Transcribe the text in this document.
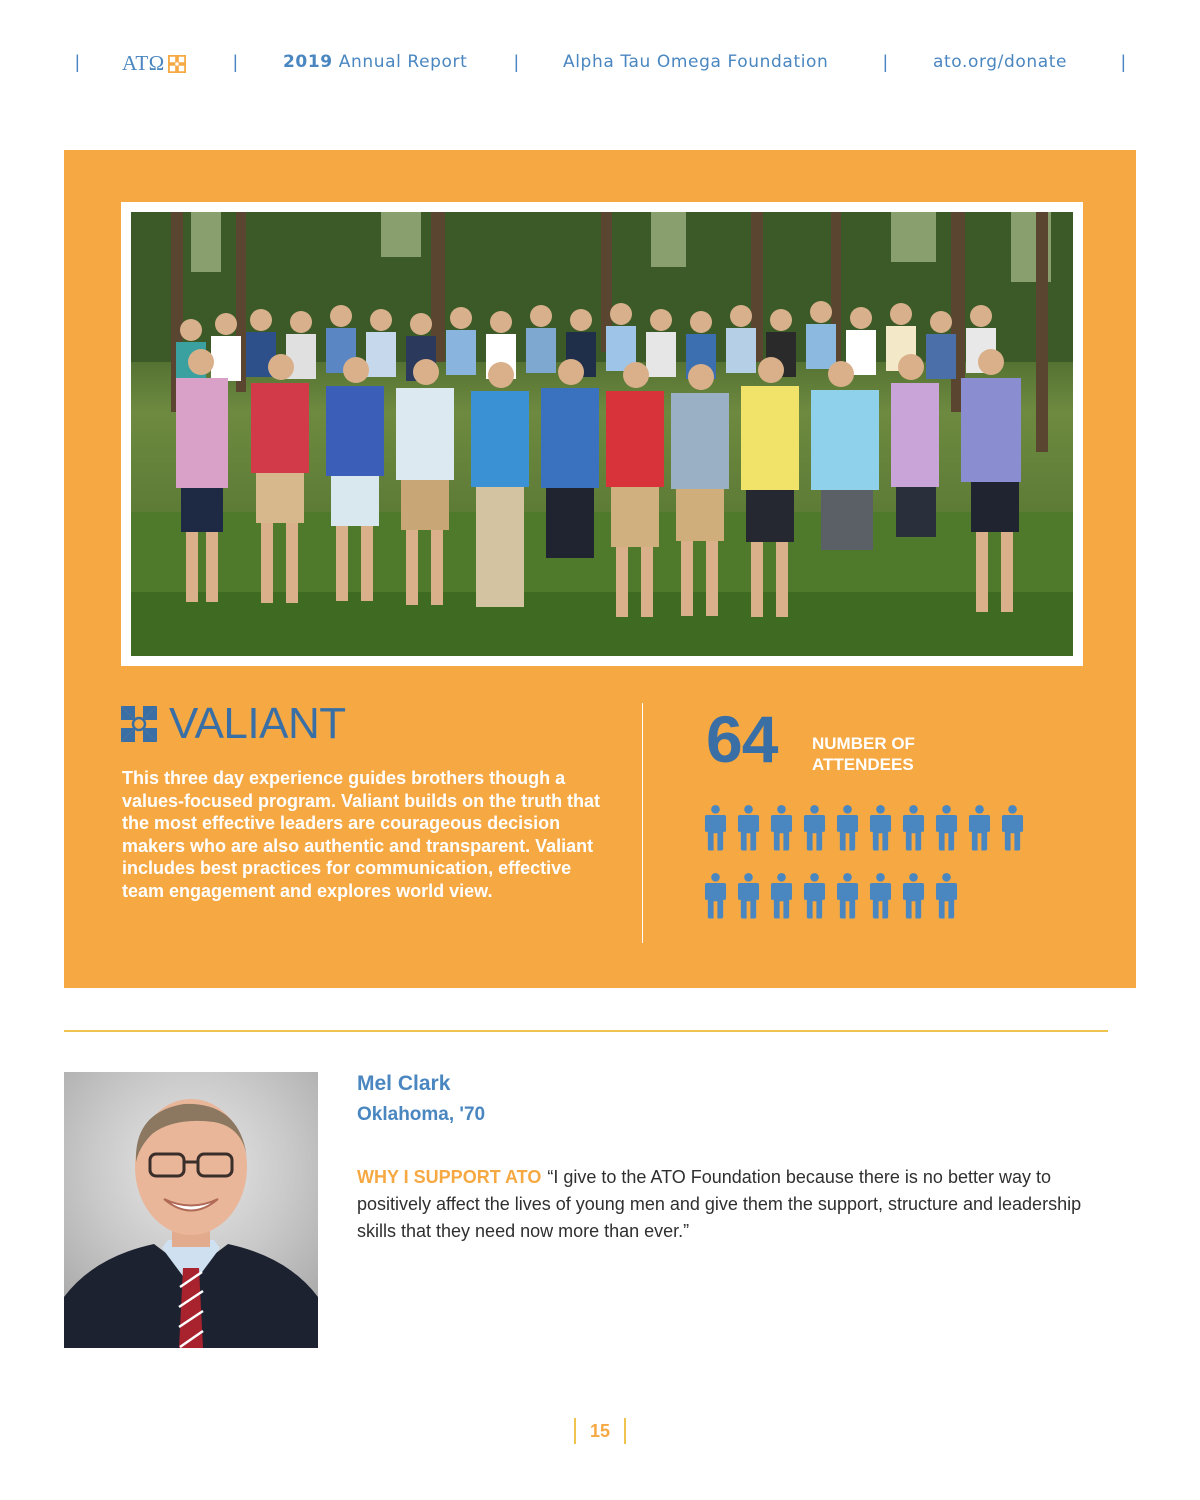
| ATΩ	|	2019 Annual Report	|	Alpha Tau Omega Foundation	|	ato.org/donate	|
VALIANT

This three day experience guides brothers though a values-focused program. Valiant builds on the truth that the most effective leaders are courageous decision makers who are also authentic and transparent. Valiant includes best practices for communication, effective team engagement and explores world view.

64 NUMBER OF ATTENDEES
Mel Clark
Oklahoma, '70

WHY I SUPPORT ATO “I give to the ATO Foundation because there is no better way to positively affect the lives of young men and give them the support, structure and leadership skills that they need now more than ever.”

15
